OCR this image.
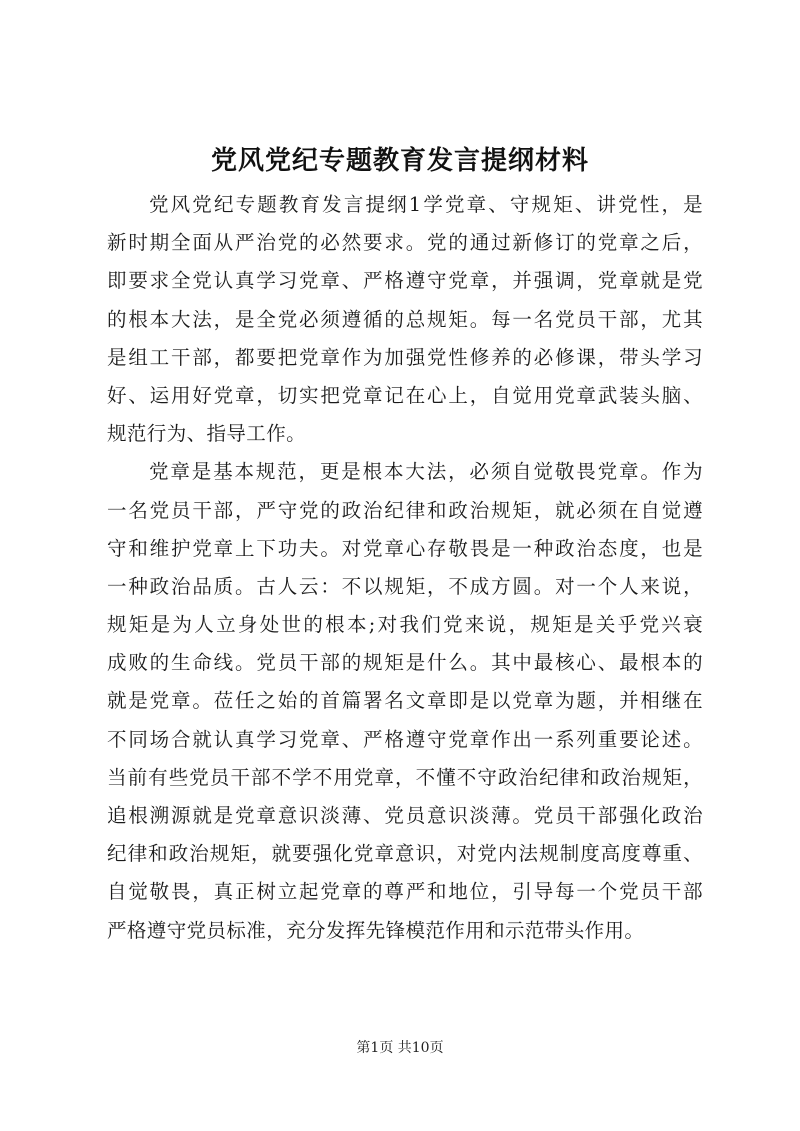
党风党纪专题教育发言提纲材料
党风党纪专题教育发言提纲1学党章、守规矩、讲党性，是
新时期全面从严治党的必然要求。党的通过新修订的党章之后，
即要求全党认真学习党章、严格遵守党章，并强调，党章就是党
的根本大法，是全党必须遵循的总规矩。每一名党员干部，尤其
是组工干部，都要把党章作为加强党性修养的必修课，带头学习
好、运用好党章，切实把党章记在心上，自觉用党章武装头脑、
规范行为、指导工作。
党章是基本规范，更是根本大法，必须自觉敬畏党章。作为
一名党员干部，严守党的政治纪律和政治规矩，就必须在自觉遵
守和维护党章上下功夫。对党章心存敬畏是一种政治态度，也是
一种政治品质。古人云：不以规矩，不成方圆。对一个人来说，
规矩是为人立身处世的根本;对我们党来说，规矩是关乎党兴衰
成败的生命线。党员干部的规矩是什么。其中最核心、最根本的
就是党章。莅任之始的首篇署名文章即是以党章为题，并相继在
不同场合就认真学习党章、严格遵守党章作出一系列重要论述。
当前有些党员干部不学不用党章，不懂不守政治纪律和政治规矩，
追根溯源就是党章意识淡薄、党员意识淡薄。党员干部强化政治
纪律和政治规矩，就要强化党章意识，对党内法规制度高度尊重、
自觉敬畏，真正树立起党章的尊严和地位，引导每一个党员干部
严格遵守党员标准，充分发挥先锋模范作用和示范带头作用。
第1页 共10页
